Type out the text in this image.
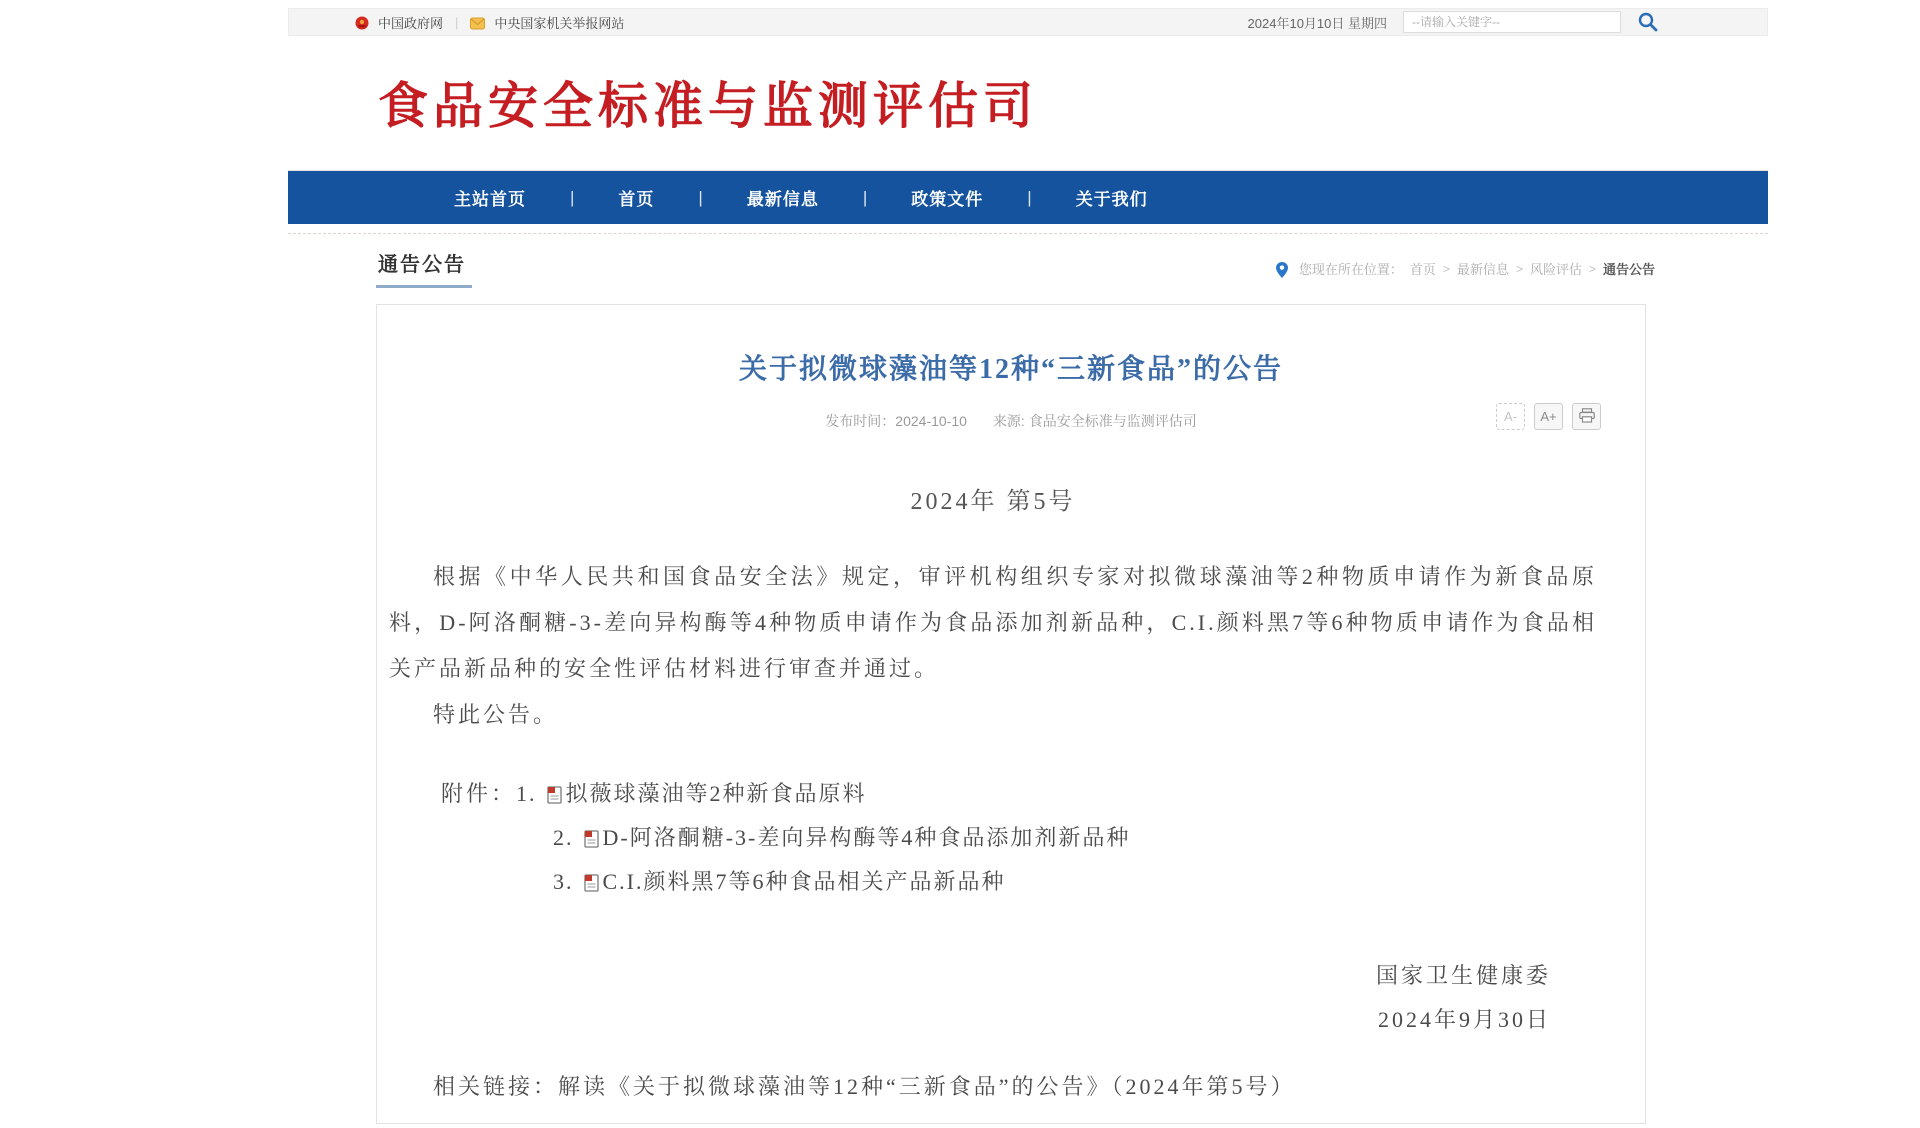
中国政府网 |	中央国家机关举报网站	2024年10月10日 星期四
--请输入关键字--
食品安全标准与监测评估司
主站首页	|	首页	|	最新信息	|	政策文件	|	关于我们
通告公告	您现在所在位置： 首页 > 最新信息 > 风险评估 > 通告公告
关于拟微球藻油等12种“三新食品”的公告
发布时间：2024-10-10 来源: 食品安全标准与监测评估司	A-	A+

2024年 第5号

根据《中华人民共和国食品安全法》规定，审评机构组织专家对拟微球藻油等2种物质申请作为新食品原料，D-阿洛酮糖-3-差向异构酶等4种物质申请作为食品添加剂新品种，C.I.颜料黑7等6种物质申请作为食品相关产品新品种的安全性评估材料进行审查并通过。

特此公告。

附件： 1. 拟薇球藻油等2种新食品原料

2. D-阿洛酮糖-3-差向异构酶等4种食品添加剂新品种

3. C.I.颜料黑7等6种食品相关产品新品种

国家卫生健康委

2024年9月30日

相关链接：解读《关于拟微球藻油等12种“三新食品”的公告》（2024年第5号）
